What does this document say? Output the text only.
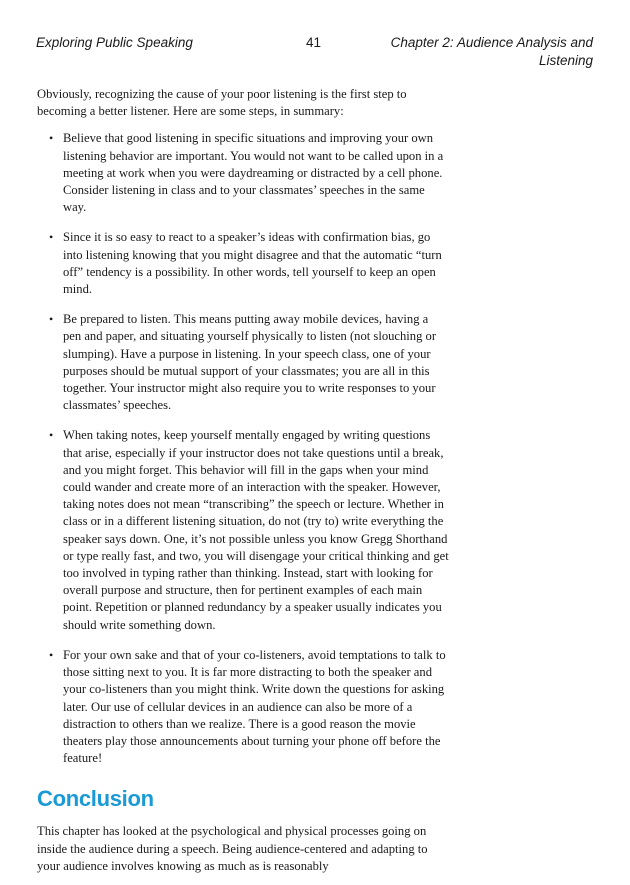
Exploring Public Speaking	41	Chapter 2: Audience Analysis and
Listening

Obviously, recognizing the cause of your poor listening is the first step to becoming a better listener. Here are some steps, in summary:

• Believe that good listening in specific situations and improving your own listening behavior are important. You would not want to be called upon in a meeting at work when you were daydreaming or distracted by a cell phone. Consider listening in class and to your classmates’ speeches in the same way.
• Since it is so easy to react to a speaker’s ideas with confirmation bias, go into listening knowing that you might disagree and that the automatic “turn off” tendency is a possibility. In other words, tell yourself to keep an open mind.
• Be prepared to listen. This means putting away mobile devices, having a pen and paper, and situating yourself physically to listen (not slouching or slumping). Have a purpose in listening. In your speech class, one of your purposes should be mutual support of your classmates; you are all in this together. Your instructor might also require you to write responses to your classmates’ speeches.
• When taking notes, keep yourself mentally engaged by writing questions that arise, especially if your instructor does not take questions until a break, and you might forget. This behavior will fill in the gaps when your mind could wander and create more of an interaction with the speaker. However, taking notes does not mean “transcribing” the speech or lecture. Whether in class or in a different listening situation, do not (try to) write everything the speaker says down. One, it’s not possible unless you know Gregg Shorthand or type really fast, and two, you will disengage your critical thinking and get too involved in typing rather than thinking. Instead, start with looking for overall purpose and structure, then for pertinent examples of each main point. Repetition or planned redundancy by a speaker usually indicates you should write something down.
• For your own sake and that of your co-listeners, avoid temptations to talk to those sitting next to you. It is far more distracting to both the speaker and your co-listeners than you might think. Write down the questions for asking later. Our use of cellular devices in an audience can also be more of a distraction to others than we realize. There is a good reason the movie theaters play those announcements about turning your phone off before the feature!
Conclusion

This chapter has looked at the psychological and physical processes going on inside the audience during a speech. Being audience-centered and adapting to your audience involves knowing as much as is reasonably
